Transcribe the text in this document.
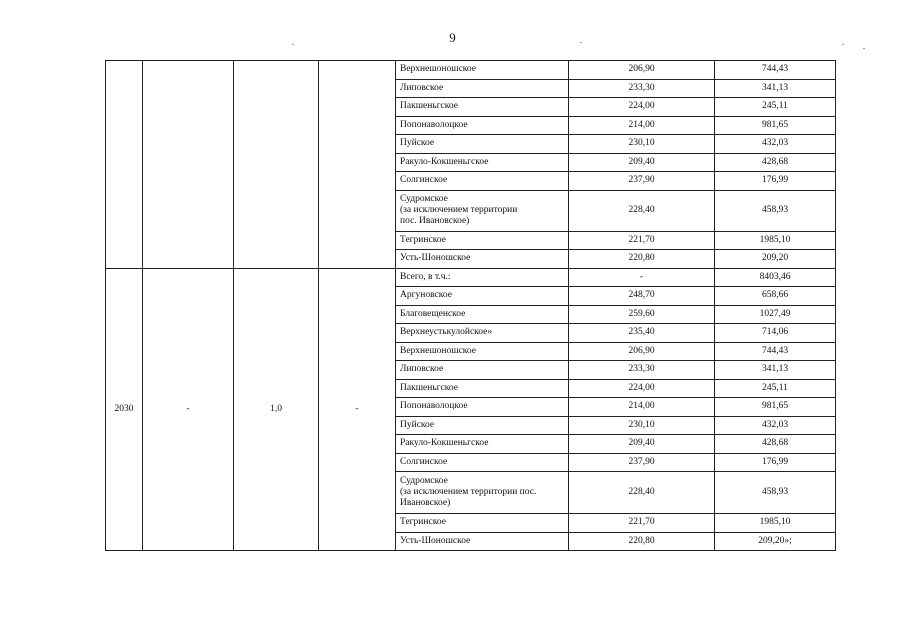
9
				Верхнешоношское	206,90	744,43
				Липовское	233,30	341,13
				Пакшеньгское	224,00	245,11
				Попонаволоцкое	214,00	981,65
				Пуйское	230,10	432,03
				Ракуло-Кокшеньгское	209,40	428,68
				Солгинское	237,90	176,99
				Судромское
(за исключением территории
пос. Ивановское)	228,40	458,93
				Тегринское	221,70	1985,10
				Усть-Шоношское	220,80	209,20
2030	-	1,0	-	Всего, в т.ч.:	-	8403,46
				Аргуновское	248,70	658,66
				Благовещенское	259,60	1027,49
				Верхнеустькулойское»	235,40	714,06
				Верхнешоношское	206,90	744,43
				Липовское	233,30	341,13
				Пакшеньгское	224,00	245,11
				Попонаволоцкое	214,00	981,65
				Пуйское	230,10	432,03
				Ракуло-Кокшеньгское	209,40	428,68
				Солгинское	237,90	176,99
				Судромское
(за исключением территории пос.
Ивановское)	228,40	458,93
				Тегринское	221,70	1985,10
				Усть-Шоношское	220,80	209,20»;
